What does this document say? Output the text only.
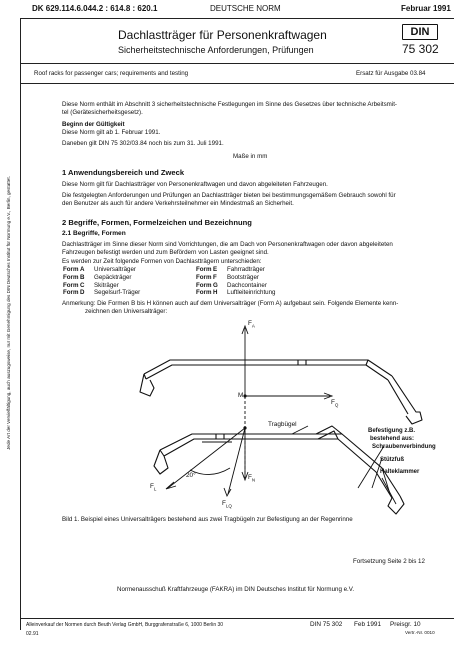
Jede Art der Vervielfältigung, auch auszugsweise, nur mit Genehmigung des DIN Deutsches Institut für Normung e.V., Berlin, gestattet.
DK 629.114.6.044.2 : 614.8 : 620.1	DEUTSCHE NORM	Februar 1991
Dachlastträger für Personenkraftwagen
Sicherheitstechnische Anforderungen, Prüfungen
DIN
75 302
Roof racks for passenger cars; requirements and testing	Ersatz für Ausgabe 03.84
Diese Norm enthält im Abschnitt 3 sicherheitstechnische Festlegungen im Sinne des Gesetzes über technische Arbeitsmit-
tel (Gerätesicherheitsgesetz).
Beginn der Gültigkeit
Diese Norm gilt ab 1. Februar 1991.
Daneben gilt DIN 75 302/03.84 noch bis zum 31. Juli 1991.
Maße in mm
1 Anwendungsbereich und Zweck
Diese Norm gilt für Dachlastträger von Personenkraftwagen und davon abgeleiteten Fahrzeugen.
Die festgelegten Anforderungen und Prüfungen an Dachlastträger bieten bei bestimmungsgemäßem Gebrauch sowohl für
den Benutzer als auch für andere Verkehrsteilnehmer ein Mindestmaß an Sicherheit.
2 Begriffe, Formen, Formelzeichen und Bezeichnung
2.1 Begriffe, Formen
Dachlastträger im Sinne dieser Norm sind Vorrichtungen, die am Dach von Personenkraftwagen oder davon abgeleiteten
Fahrzeugen befestigt werden und zum Befördern von Lasten geeignet sind.
Es werden zur Zeit folgende Formen von Dachlastträgern unterschieden:
Form A	Universalträger	Form E	Fahrradträger
Form B	Gepäckträger	Form F	Bootsträger
Form C	Skiträger	Form G	Dachcontainer
Form D	Segelsurf-Träger	Form H	Luftleiteinrichtung
Anmerkung: Die Formen B bis H können auch auf dem Universalträger (Form A) aufgebaut sein. Folgende Elemente kenn-
zeichnen den Universalträger:
$F_A$
M
$F_Q$
Tragbügel
Befestigung z.B.
bestehend aus:
Schraubenverbindung
Stützfuß
Halteklammer
20°	$F_N$
$F_L$
$F_{LQ}$
Bild 1. Beispiel eines Universalträgers bestehend aus zwei Tragbügeln zur Befestigung an der Regenrinne
Fortsetzung Seite 2 bis 12
Normenausschuß Kraftfahrzeuge (FAKRA) im DIN Deutsches Institut für Normung e.V.
Alleinverkauf der Normen durch Beuth Verlag GmbH, Burggrafenstraße 6, 1000 Berlin 30
02.91
DIN 75 302 Feb 1991 Preisgr. 10
Vertr.-Nr. 0010
